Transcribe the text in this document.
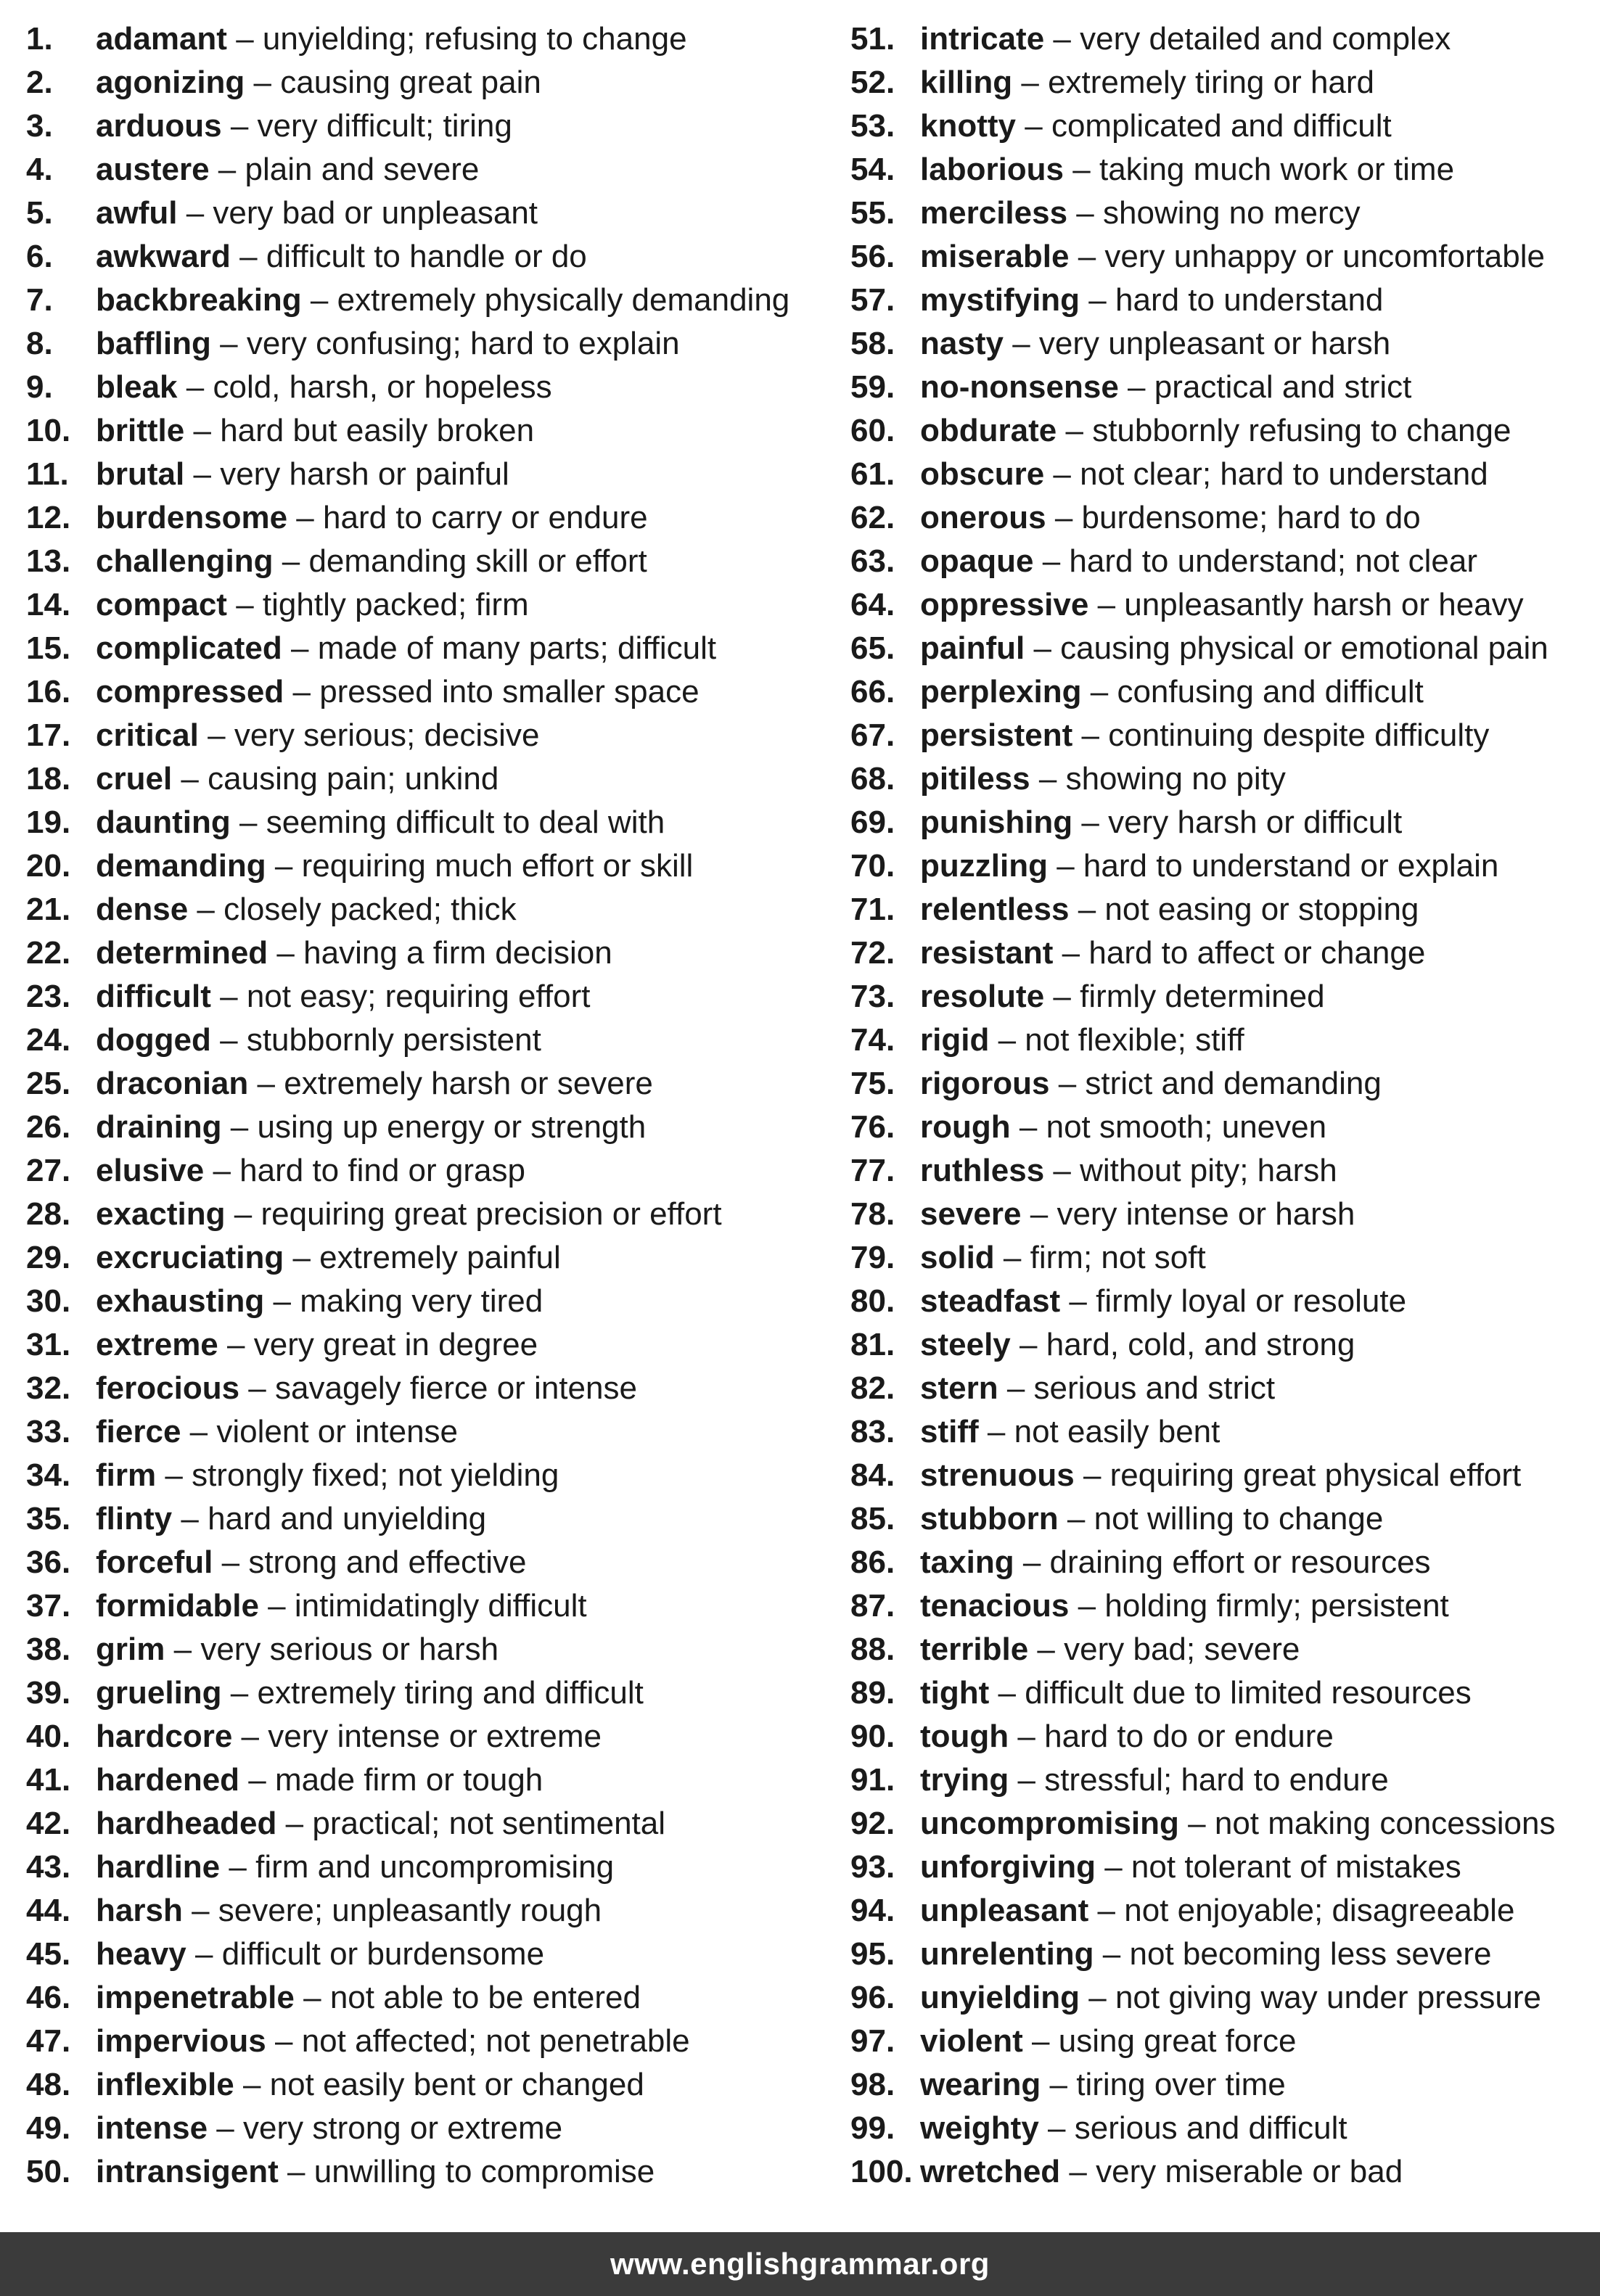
1. adamant – unyielding; refusing to change
2. agonizing – causing great pain
3. arduous – very difficult; tiring
4. austere – plain and severe
5. awful – very bad or unpleasant
6. awkward – difficult to handle or do
7. backbreaking – extremely physically demanding
8. baffling – very confusing; hard to explain
9. bleak – cold, harsh, or hopeless
10. brittle – hard but easily broken
11. brutal – very harsh or painful
12. burdensome – hard to carry or endure
13. challenging – demanding skill or effort
14. compact – tightly packed; firm
15. complicated – made of many parts; difficult
16. compressed – pressed into smaller space
17. critical – very serious; decisive
18. cruel – causing pain; unkind
19. daunting – seeming difficult to deal with
20. demanding – requiring much effort or skill
21. dense – closely packed; thick
22. determined – having a firm decision
23. difficult – not easy; requiring effort
24. dogged – stubbornly persistent
25. draconian – extremely harsh or severe
26. draining – using up energy or strength
27. elusive – hard to find or grasp
28. exacting – requiring great precision or effort
29. excruciating – extremely painful
30. exhausting – making very tired
31. extreme – very great in degree
32. ferocious – savagely fierce or intense
33. fierce – violent or intense
34. firm – strongly fixed; not yielding
35. flinty – hard and unyielding
36. forceful – strong and effective
37. formidable – intimidatingly difficult
38. grim – very serious or harsh
39. grueling – extremely tiring and difficult
40. hardcore – very intense or extreme
41. hardened – made firm or tough
42. hardheaded – practical; not sentimental
43. hardline – firm and uncompromising
44. harsh – severe; unpleasantly rough
45. heavy – difficult or burdensome
46. impenetrable – not able to be entered
47. impervious – not affected; not penetrable
48. inflexible – not easily bent or changed
49. intense – very strong or extreme
50. intransigent – unwilling to compromise
51. intricate – very detailed and complex
52. killing – extremely tiring or hard
53. knotty – complicated and difficult
54. laborious – taking much work or time
55. merciless – showing no mercy
56. miserable – very unhappy or uncomfortable
57. mystifying – hard to understand
58. nasty – very unpleasant or harsh
59. no-nonsense – practical and strict
60. obdurate – stubbornly refusing to change
61. obscure – not clear; hard to understand
62. onerous – burdensome; hard to do
63. opaque – hard to understand; not clear
64. oppressive – unpleasantly harsh or heavy
65. painful – causing physical or emotional pain
66. perplexing – confusing and difficult
67. persistent – continuing despite difficulty
68. pitiless – showing no pity
69. punishing – very harsh or difficult
70. puzzling – hard to understand or explain
71. relentless – not easing or stopping
72. resistant – hard to affect or change
73. resolute – firmly determined
74. rigid – not flexible; stiff
75. rigorous – strict and demanding
76. rough – not smooth; uneven
77. ruthless – without pity; harsh
78. severe – very intense or harsh
79. solid – firm; not soft
80. steadfast – firmly loyal or resolute
81. steely – hard, cold, and strong
82. stern – serious and strict
83. stiff – not easily bent
84. strenuous – requiring great physical effort
85. stubborn – not willing to change
86. taxing – draining effort or resources
87. tenacious – holding firmly; persistent
88. terrible – very bad; severe
89. tight – difficult due to limited resources
90. tough – hard to do or endure
91. trying – stressful; hard to endure
92. uncompromising – not making concessions
93. unforgiving – not tolerant of mistakes
94. unpleasant – not enjoyable; disagreeable
95. unrelenting – not becoming less severe
96. unyielding – not giving way under pressure
97. violent – using great force
98. wearing – tiring over time
99. weighty – serious and difficult
100. wretched – very miserable or bad
www.englishgrammar.org
